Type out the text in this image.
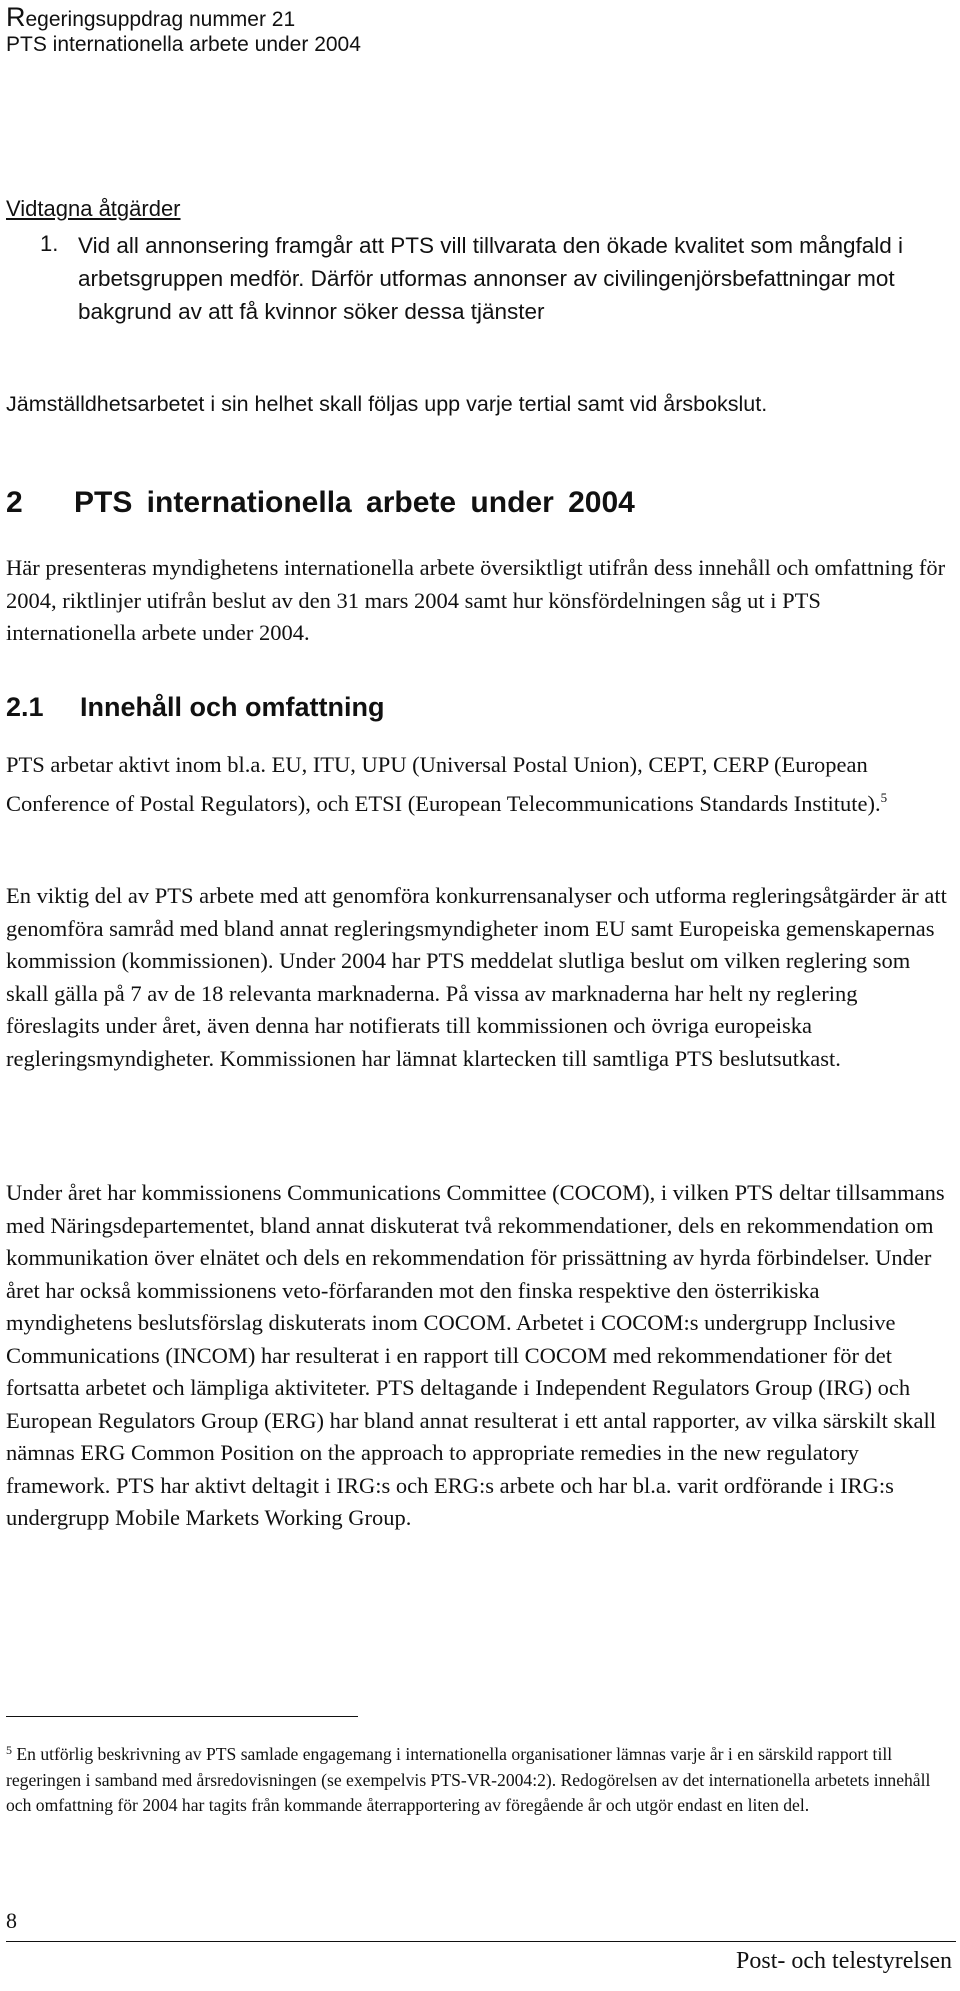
Regeringsuppdrag nummer 21
PTS internationella arbete under 2004
Vidtagna åtgärder
1. Vid all annonsering framgår att PTS vill tillvarata den ökade kvalitet som mångfald i arbetsgruppen medför. Därför utformas annonser av civilingenjörsbefattningar mot bakgrund av att få kvinnor söker dessa tjänster
Jämställdhetsarbetet i sin helhet skall följas upp varje tertial samt vid årsbokslut.
2 PTS internationella arbete under 2004
Här presenteras myndighetens internationella arbete översiktligt utifrån dess innehåll och omfattning för 2004, riktlinjer utifrån beslut av den 31 mars 2004 samt hur könsfördelningen såg ut i PTS internationella arbete under 2004.
2.1 Innehåll och omfattning
PTS arbetar aktivt inom bl.a. EU, ITU, UPU (Universal Postal Union), CEPT, CERP (European Conference of Postal Regulators), och ETSI (European Telecommunications Standards Institute).$^5$
En viktig del av PTS arbete med att genomföra konkurrensanalyser och utforma regleringsåtgärder är att genomföra samråd med bland annat regleringsmyndigheter inom EU samt Europeiska gemenskapernas kommission (kommissionen). Under 2004 har PTS meddelat slutliga beslut om vilken reglering som skall gälla på 7 av de 18 relevanta marknaderna. På vissa av marknaderna har helt ny reglering föreslagits under året, även denna har notifierats till kommissionen och övriga europeiska regleringsmyndigheter. Kommissionen har lämnat klartecken till samtliga PTS beslutsutkast.
Under året har kommissionens Communications Committee (COCOM), i vilken PTS deltar tillsammans med Näringsdepartementet, bland annat diskuterat två rekommendationer, dels en rekommendation om kommunikation över elnätet och dels en rekommendation för prissättning av hyrda förbindelser. Under året har också kommissionens veto-förfaranden mot den finska respektive den österrikiska myndighetens beslutsförslag diskuterats inom COCOM. Arbetet i COCOM:s undergrupp Inclusive Communications (INCOM) har resulterat i en rapport till COCOM med rekommendationer för det fortsatta arbetet och lämpliga aktiviteter. PTS deltagande i Independent Regulators Group (IRG) och European Regulators Group (ERG) har bland annat resulterat i ett antal rapporter, av vilka särskilt skall nämnas ERG Common Position on the approach to appropriate remedies in the new regulatory framework. PTS har aktivt deltagit i IRG:s och ERG:s arbete och har bl.a. varit ordförande i IRG:s undergrupp Mobile Markets Working Group.
$^5$ En utförlig beskrivning av PTS samlade engagemang i internationella organisationer lämnas varje år i en särskild rapport till regeringen i samband med årsredovisningen (se exempelvis PTS-VR-2004:2). Redogörelsen av det internationella arbetets innehåll och omfattning för 2004 har tagits från kommande återrapportering av föregående år och utgör endast en liten del.
8
Post- och telestyrelsen
